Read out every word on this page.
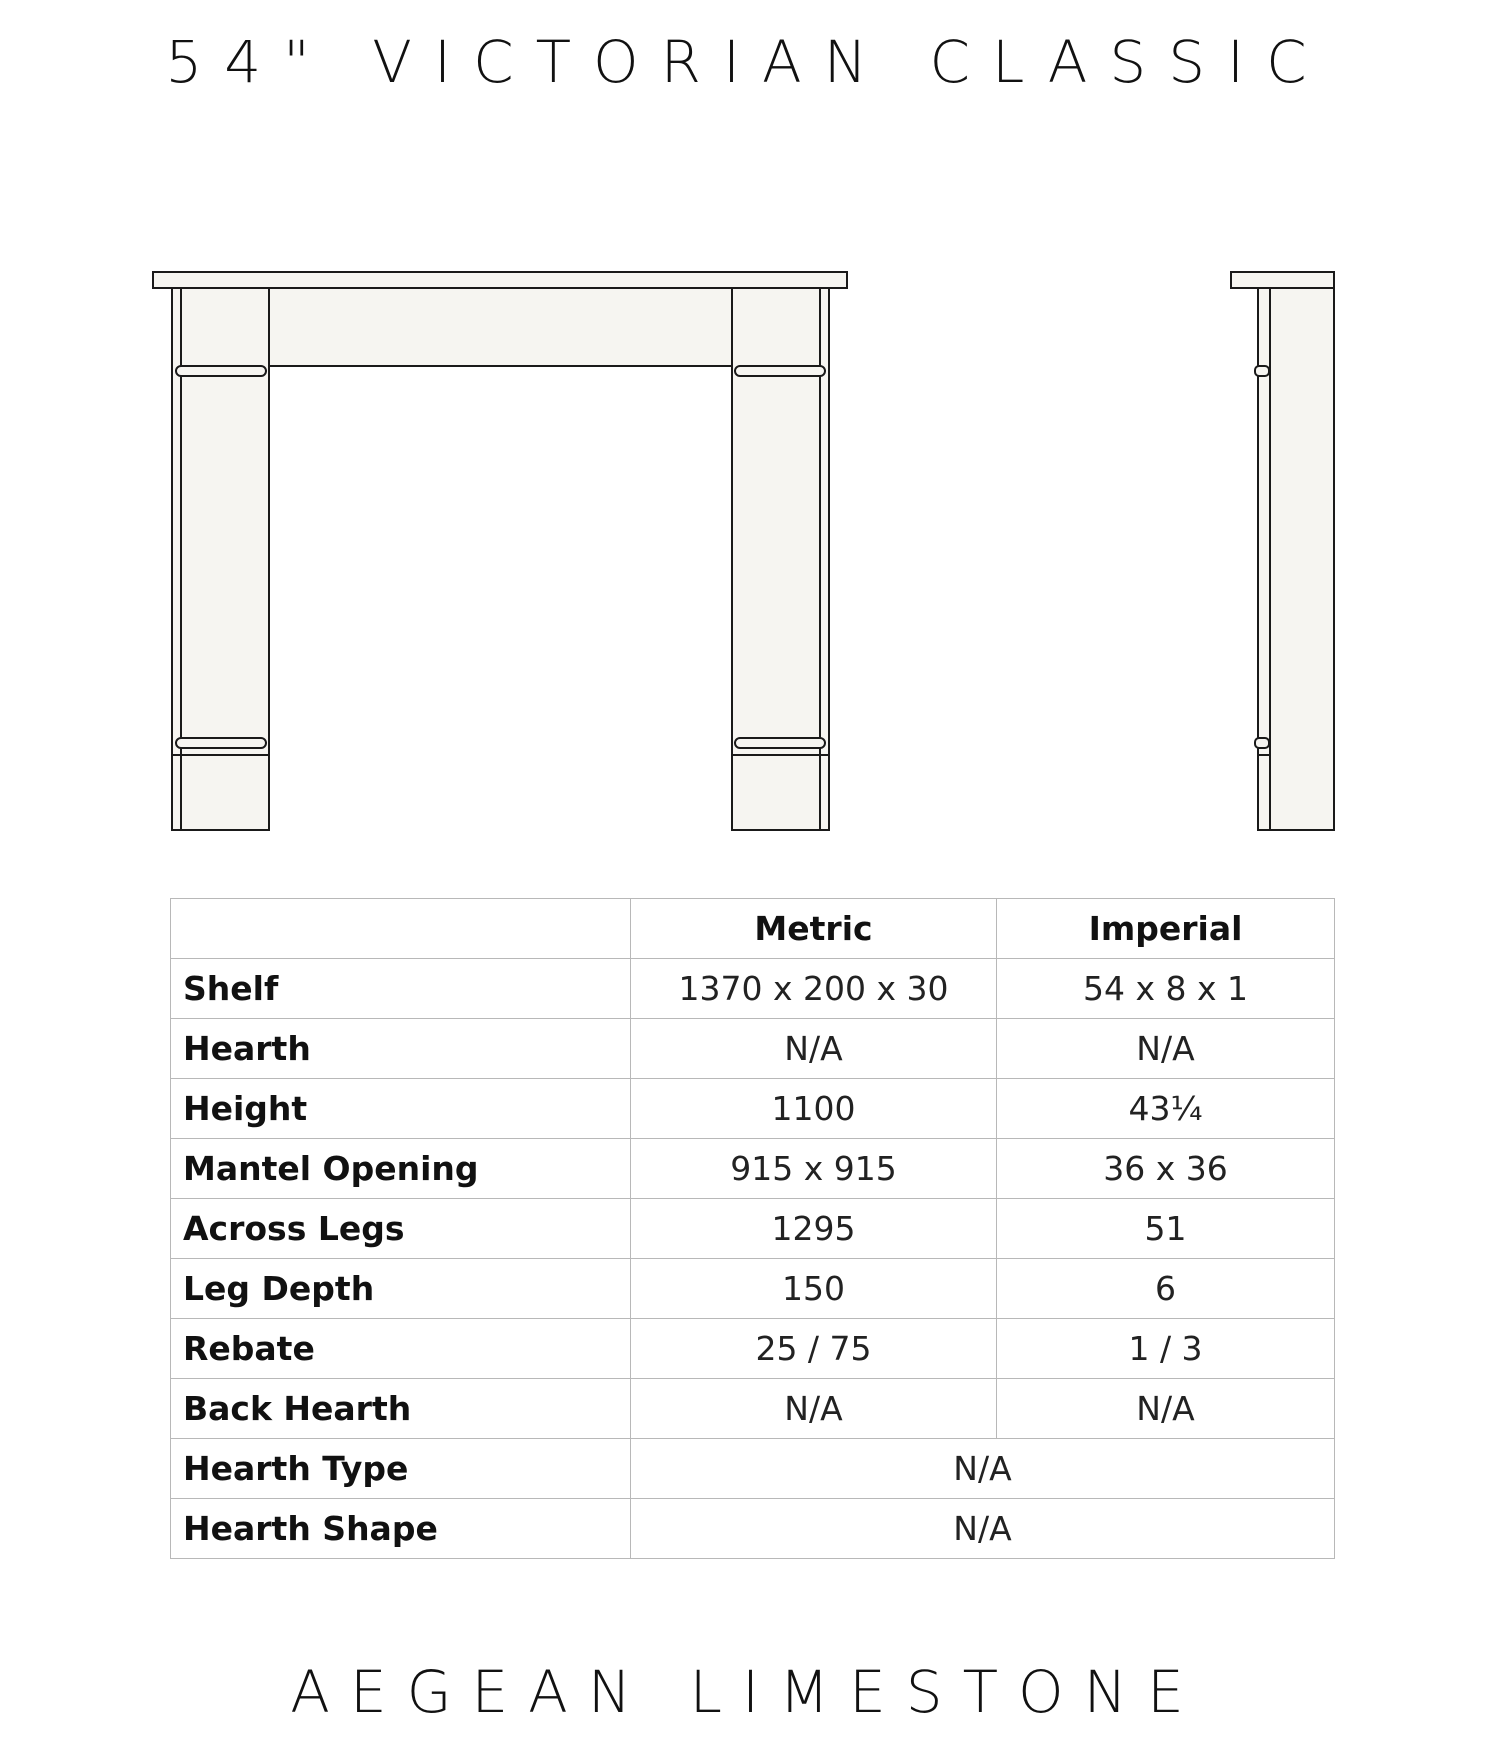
54" VICTORIAN CLASSIC
	Metric	Imperial
Shelf	1370 x 200 x 30	54 x 8 x 1
Hearth	N/A	N/A
Height	1100	43¼
Mantel Opening	915 x 915	36 x 36
Across Legs	1295	51
Leg Depth	150	6
Rebate	25 / 75	1 / 3
Back Hearth	N/A	N/A
Hearth Type	N/A	
Hearth Shape	N/A	
AEGEAN LIMESTONE
